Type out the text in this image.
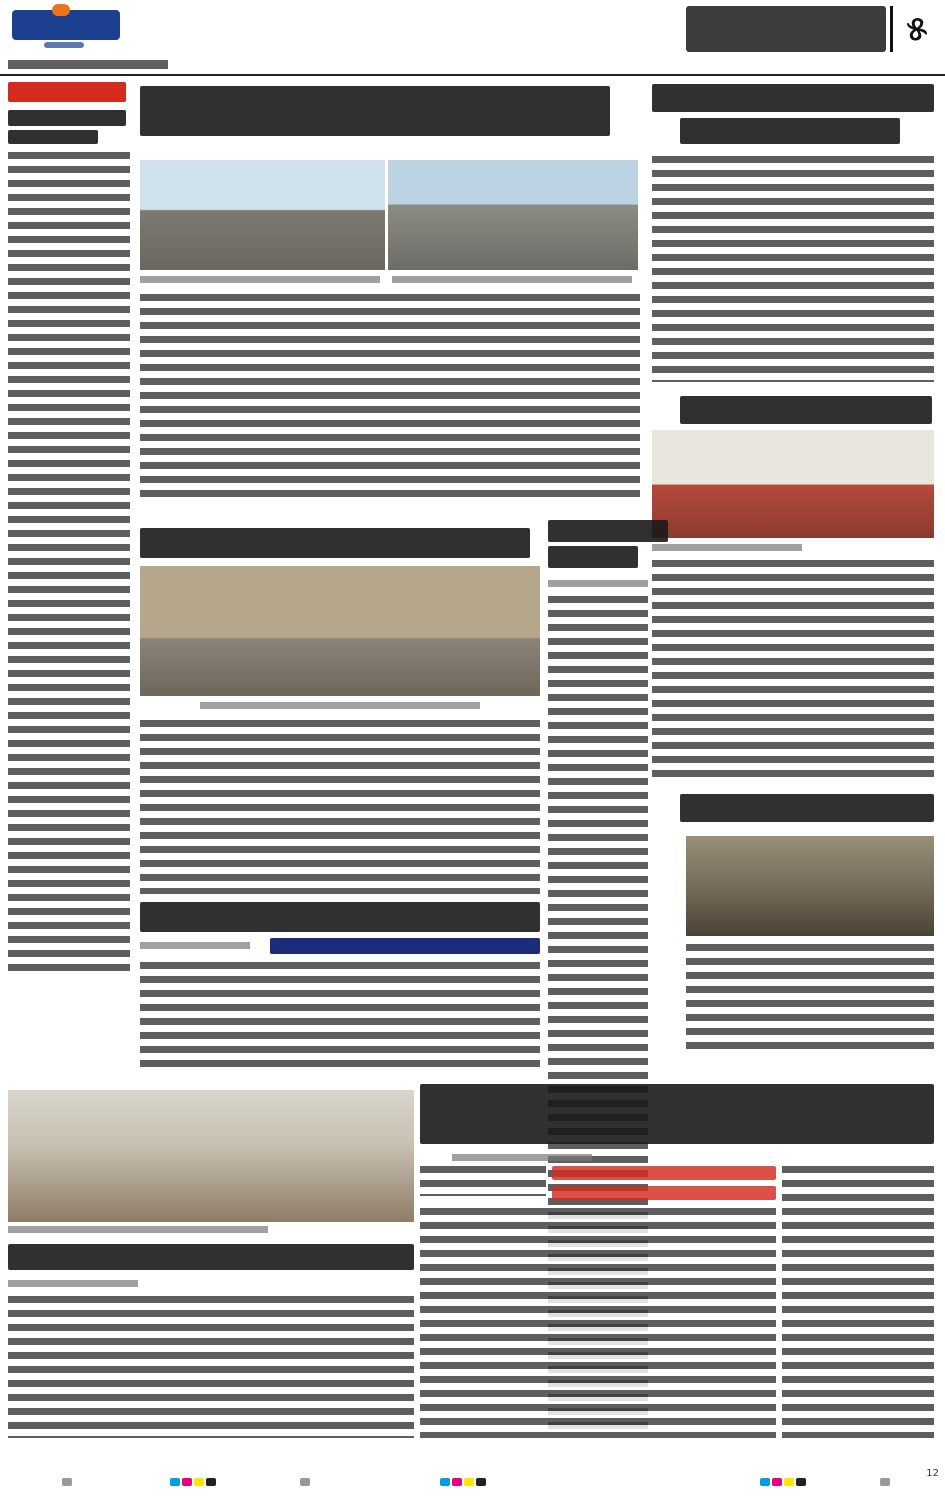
୫
12
